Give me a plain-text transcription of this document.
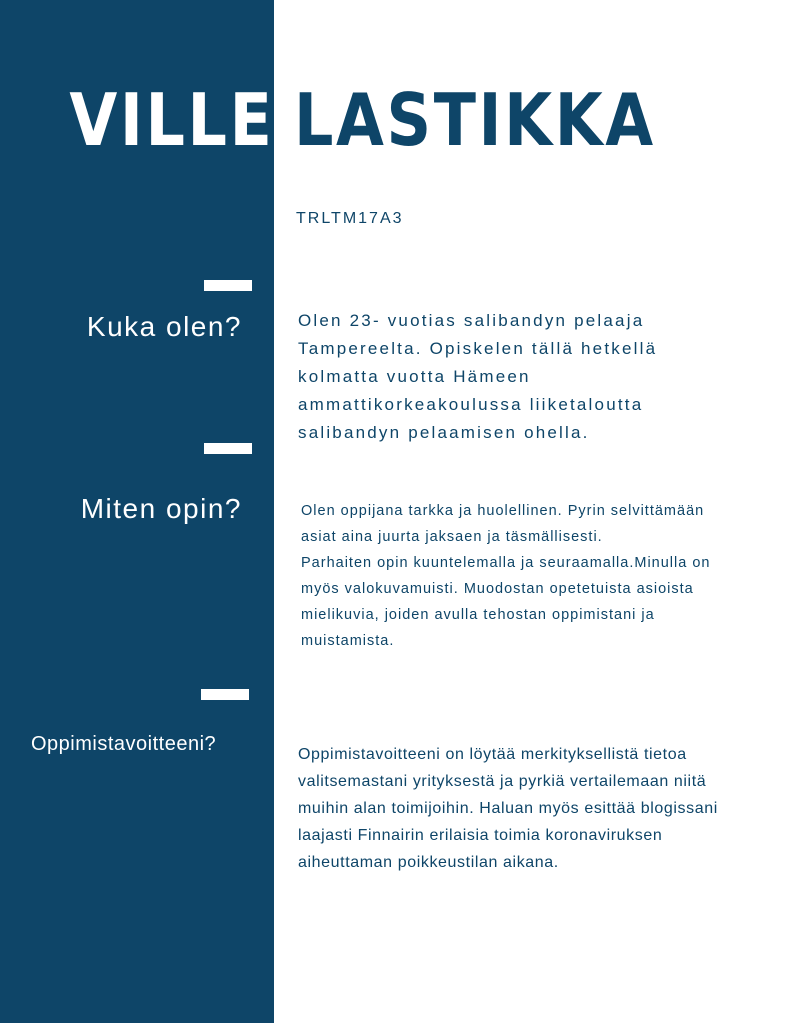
VILLE LASTIKKA
TRLTM17A3
Kuka olen?	Olen 23- vuotias salibandyn pelaaja Tampereelta. Opiskelen tällä hetkellä kolmatta vuotta Hämeen ammattikorkeakoulussa liiketaloutta salibandyn pelaamisen ohella.
Miten opin?	Olen oppijana tarkka ja huolellinen. Pyrin selvittämään asiat aina juurta jaksaen ja täsmällisesti.
Parhaiten opin kuuntelemalla ja seuraamalla.Minulla on myös valokuvamuisti. Muodostan opetetuista asioista mielikuvia, joiden avulla tehostan oppimistani ja muistamista.
Oppimistavoitteeni?	Oppimistavoitteeni on löytää merkityksellistä tietoa valitsemastani yrityksestä ja pyrkiä vertailemaan niitä muihin alan toimijoihin. Haluan myös esittää blogissani laajasti Finnairin erilaisia toimia koronaviruksen aiheuttaman poikkeustilan aikana.
